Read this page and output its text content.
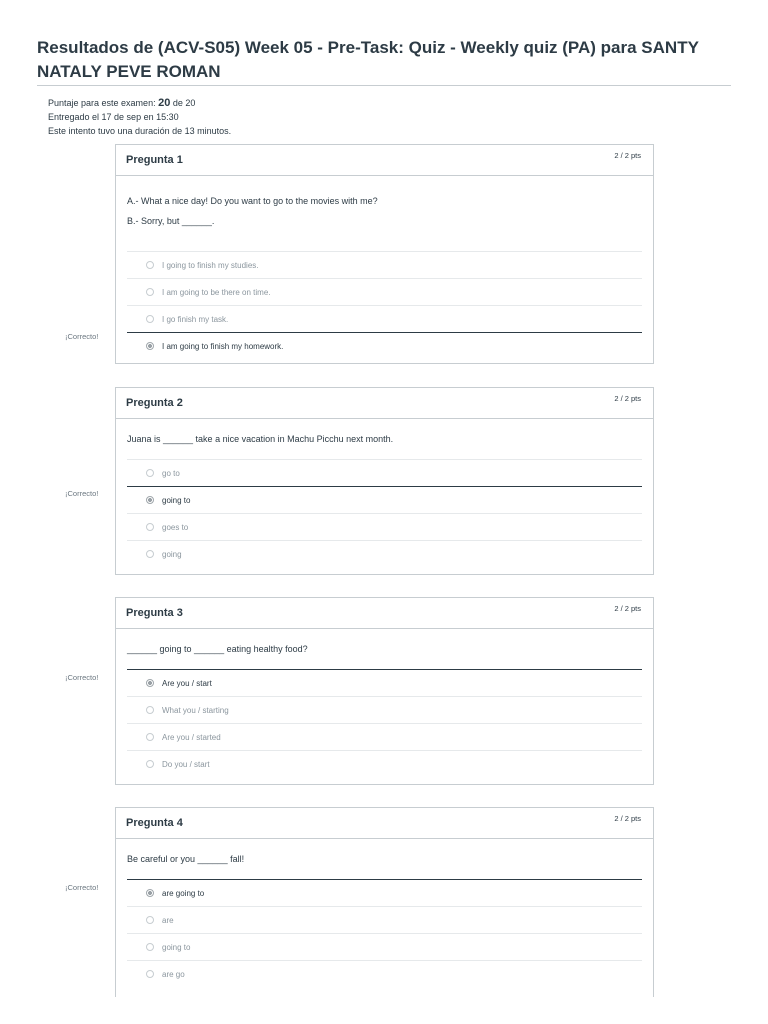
Resultados de (ACV-S05) Week 05 - Pre-Task: Quiz - Weekly quiz (PA) para SANTY NATALY PEVE ROMAN
Puntaje para este examen: 20 de 20
Entregado el 17 de sep en 15:30
Este intento tuvo una duración de 13 minutos.
¡Correcto!
Pregunta 1	2 / 2 pts

A.- What a nice day! Do you want to go to the movies with me?

B.- Sorry, but ______.

I going to finish my studies.
I am going to be there on time.
I go finish my task.
I am going to finish my homework.
¡Correcto!
Pregunta 2	2 / 2 pts

Juana is ______ take a nice vacation in Machu Picchu next month.

go to
going to
goes to
going
¡Correcto!
Pregunta 3	2 / 2 pts

______ going to ______ eating healthy food?

Are you / start
What you / starting
Are you / started
Do you / start
¡Correcto!
Pregunta 4	2 / 2 pts

Be careful or you ______ fall!

are going to
are
going to
are go
